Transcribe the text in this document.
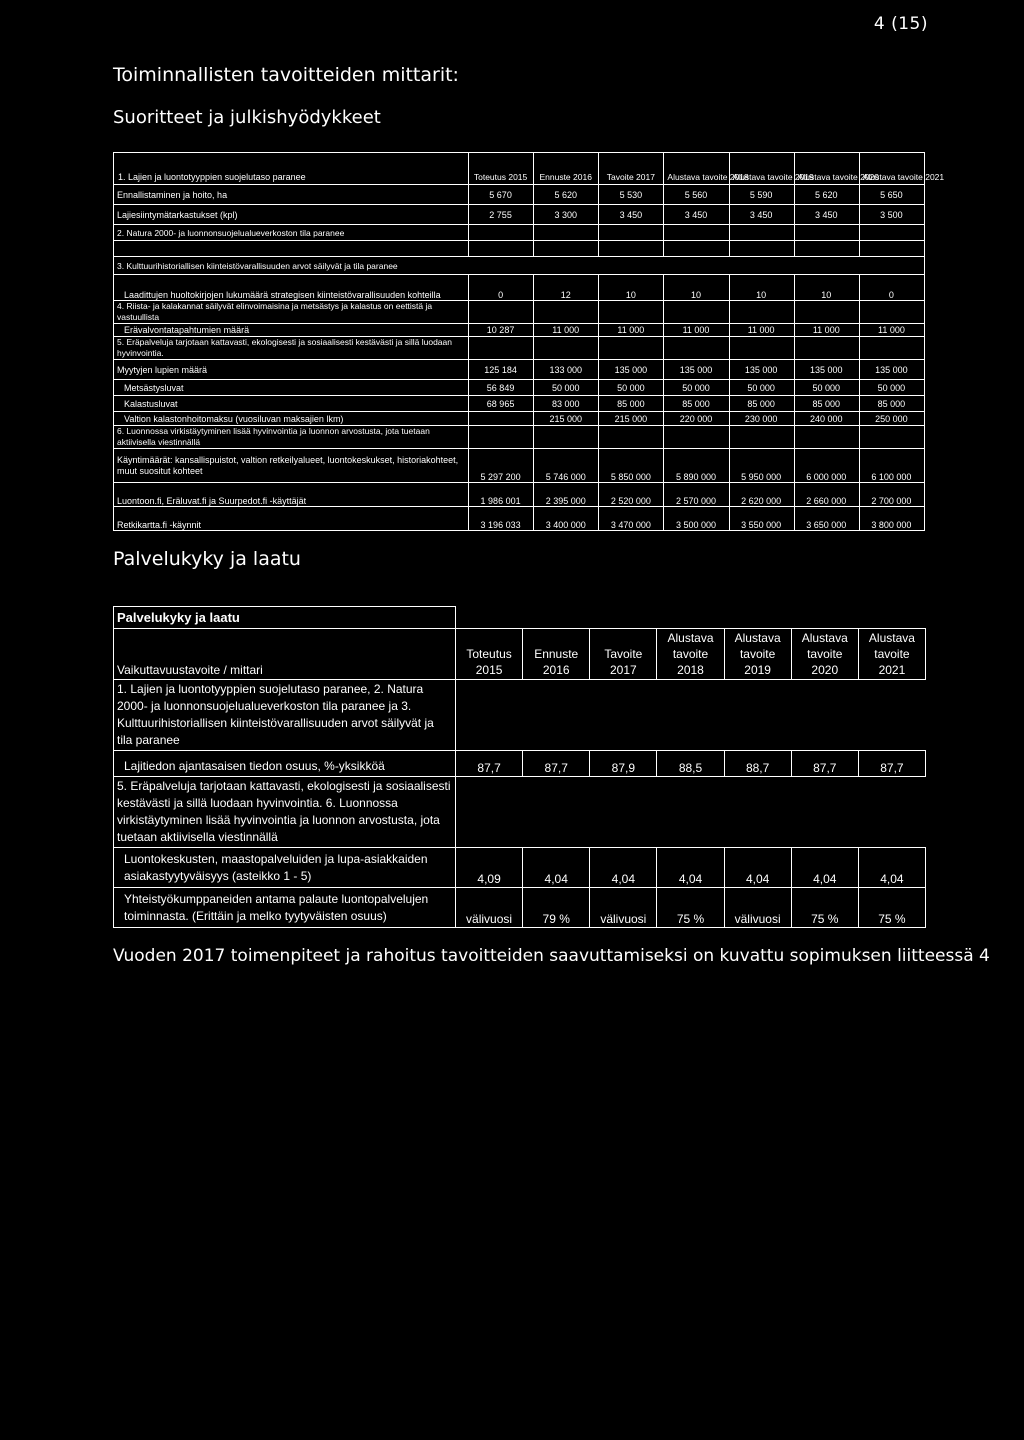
4 (15)
Toiminnallisten tavoitteiden mittarit:
Suoritteet ja julkishyödykkeet
1. Lajien ja luontotyyppien suojelutaso paranee	Toteutus 2015	Ennuste 2016	Tavoite 2017	Alustava tavoite 2018	Alustava tavoite 2019	Alustava tavoite 2020	Alustava tavoite 2021
Ennallistaminen ja hoito, ha	5 670	5 620	5 530	5 560	5 590	5 620	5 650
Lajiesiintymätarkastukset (kpl)	2 755	3 300	3 450	3 450	3 450	3 450	3 500
2. Natura 2000- ja luonnonsuojelualueverkoston tila paranee							

3. Kulttuurihistoriallisen kiinteistövarallisuuden arvot säilyvät ja tila paranee							
Laadittujen huoltokirjojen lukumäärä strategisen kiinteistövarallisuuden kohteilla	0	12	10	10	10	10	0
4. Riista- ja kalakannat säilyvät elinvoimaisina ja metsästys ja kalastus on eettistä ja vastuullista							
Erävalvontatapahtumien määrä	10 287	11 000	11 000	11 000	11 000	11 000	11 000
5. Eräpalveluja tarjotaan kattavasti, ekologisesti ja sosiaalisesti kestävästi ja sillä luodaan hyvinvointia.							
Myytyjen lupien määrä	125 184	133 000	135 000	135 000	135 000	135 000	135 000
Metsästysluvat	56 849	50 000	50 000	50 000	50 000	50 000	50 000
Kalastusluvat	68 965	83 000	85 000	85 000	85 000	85 000	85 000
Valtion kalastonhoitomaksu (vuosiluvan maksajien lkm)		215 000	215 000	220 000	230 000	240 000	250 000
6. Luonnossa virkistäytyminen lisää hyvinvointia ja luonnon arvostusta, jota tuetaan aktiivisella viestinnällä							
Käyntimäärät: kansallispuistot, valtion retkeilyalueet, luontokeskukset, historiakohteet, muut suositut kohteet	5 297 200	5 746 000	5 850 000	5 890 000	5 950 000	6 000 000	6 100 000
Luontoon.fi, Eräluvat.fi ja Suurpedot.fi -käyttäjät	1 986 001	2 395 000	2 520 000	2 570 000	2 620 000	2 660 000	2 700 000
Retkikartta.fi -käynnit	3 196 033	3 400 000	3 470 000	3 500 000	3 550 000	3 650 000	3 800 000
Palvelukyky ja laatu
Palvelukyky ja laatu							
Vaikuttavuustavoite / mittari	Toteutus 2015	Ennuste 2016	Tavoite 2017	Alustava tavoite 2018	Alustava tavoite 2019	Alustava tavoite 2020	Alustava tavoite 2021
1. Lajien ja luontotyyppien suojelutaso paranee, 2. Natura 2000- ja luonnonsuojelualueverkoston tila paranee ja 3. Kulttuurihistoriallisen kiinteistövarallisuuden arvot säilyvät ja tila paranee							
Lajitiedon ajantasaisen tiedon osuus, %-yksikköä	87,7	87,7	87,9	88,5	88,7	87,7	87,7
5. Eräpalveluja tarjotaan kattavasti, ekologisesti ja sosiaalisesti kestävästi ja sillä luodaan hyvinvointia. 6. Luonnossa virkistäytyminen lisää hyvinvointia ja luonnon arvostusta, jota tuetaan aktiivisella viestinnällä							
Luontokeskusten, maastopalveluiden ja lupa-asiakkaiden asiakastyytyväisyys (asteikko 1 - 5)	4,09	4,04	4,04	4,04	4,04	4,04	4,04
Yhteistyökumppaneiden antama palaute luontopalvelujen toiminnasta. (Erittäin ja melko tyytyväisten osuus)	välivuosi	79 %	välivuosi	75 %	välivuosi	75 %	75 %
Vuoden 2017 toimenpiteet ja rahoitus tavoitteiden saavuttamiseksi on kuvattu sopimuksen liitteessä 4
